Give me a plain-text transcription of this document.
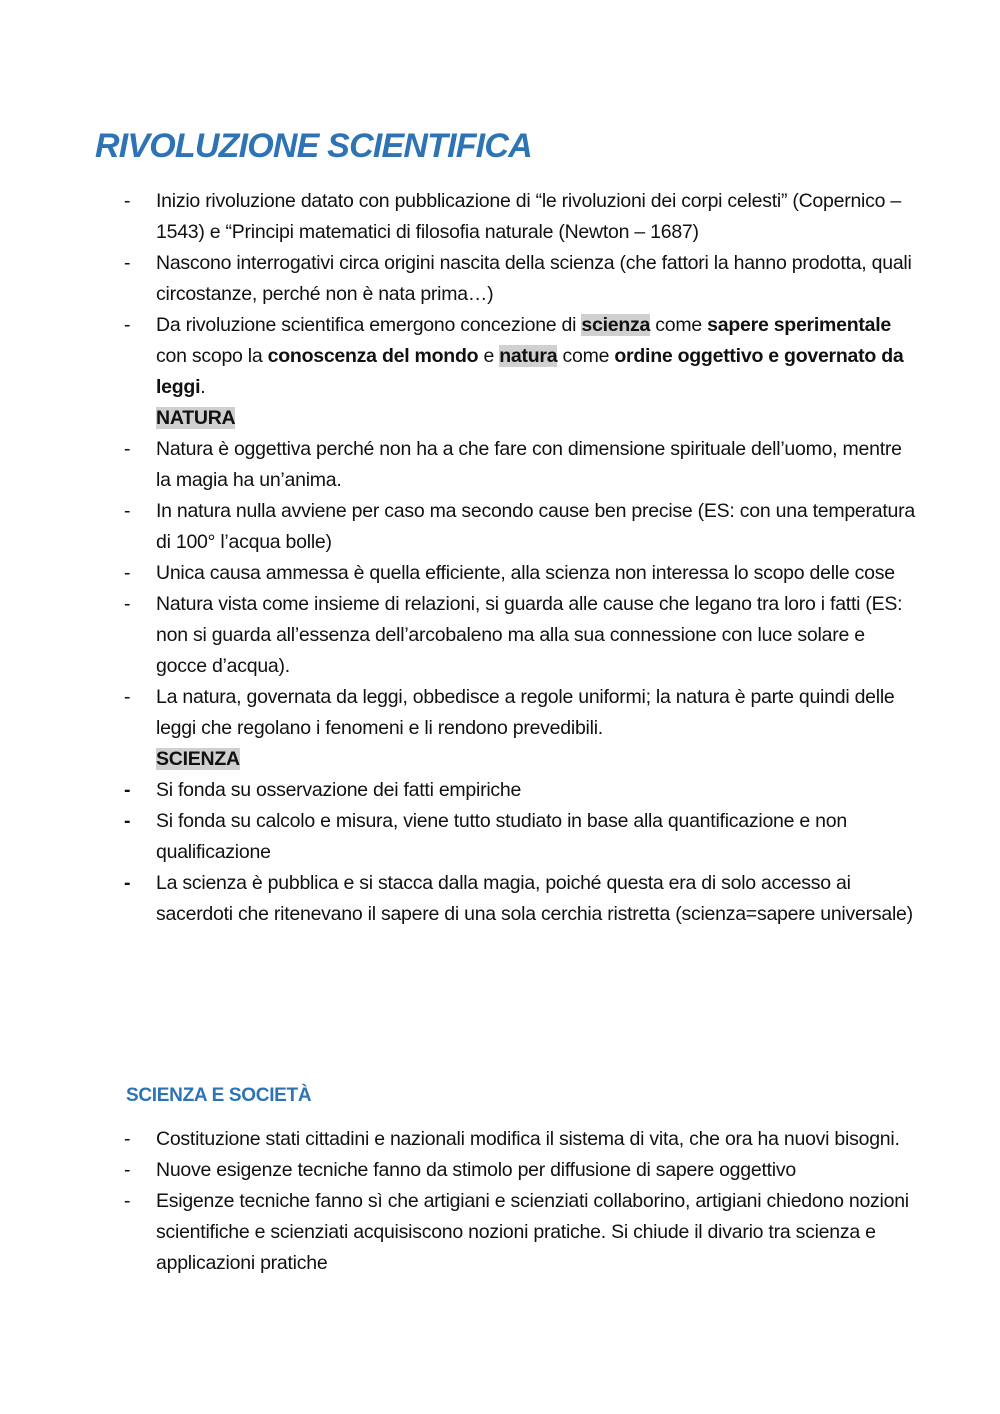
RIVOLUZIONE SCIENTIFICA
-	Inizio rivoluzione datato con pubblicazione di “le rivoluzioni dei corpi celesti” (Copernico – 1543) e “Principi matematici di filosofia naturale (Newton – 1687)
-	Nascono interrogativi circa origini nascita della scienza (che fattori la hanno prodotta, quali circostanze, perché non è nata prima…)
-	Da rivoluzione scientifica emergono concezione di scienza come sapere sperimentale con scopo la conoscenza del mondo e natura come ordine oggettivo e governato da leggi.
NATURA
-	Natura è oggettiva perché non ha a che fare con dimensione spirituale dell’uomo, mentre la magia ha un’anima.
-	In natura nulla avviene per caso ma secondo cause ben precise (ES: con una temperatura di 100° l’acqua bolle)
-	Unica causa ammessa è quella efficiente, alla scienza non interessa lo scopo delle cose
-	Natura vista come insieme di relazioni, si guarda alle cause che legano tra loro i fatti (ES: non si guarda all’essenza dell’arcobaleno ma alla sua connessione con luce solare e gocce d’acqua).
-	La natura, governata da leggi, obbedisce a regole uniformi; la natura è parte quindi delle leggi che regolano i fenomeni e li rendono prevedibili.
SCIENZA
-	Si fonda su osservazione dei fatti empiriche
-	Si fonda su calcolo e misura, viene tutto studiato in base alla quantificazione e non qualificazione
-	La scienza è pubblica e si stacca dalla magia, poiché questa era di solo accesso ai sacerdoti che ritenevano il sapere di una sola cerchia ristretta (scienza=sapere universale)
SCIENZA E SOCIETÀ
-	Costituzione stati cittadini e nazionali modifica il sistema di vita, che ora ha nuovi bisogni.
-	Nuove esigenze tecniche fanno da stimolo per diffusione di sapere oggettivo
-	Esigenze tecniche fanno sì che artigiani e scienziati collaborino, artigiani chiedono nozioni scientifiche e scienziati acquisiscono nozioni pratiche. Si chiude il divario tra scienza e applicazioni pratiche
